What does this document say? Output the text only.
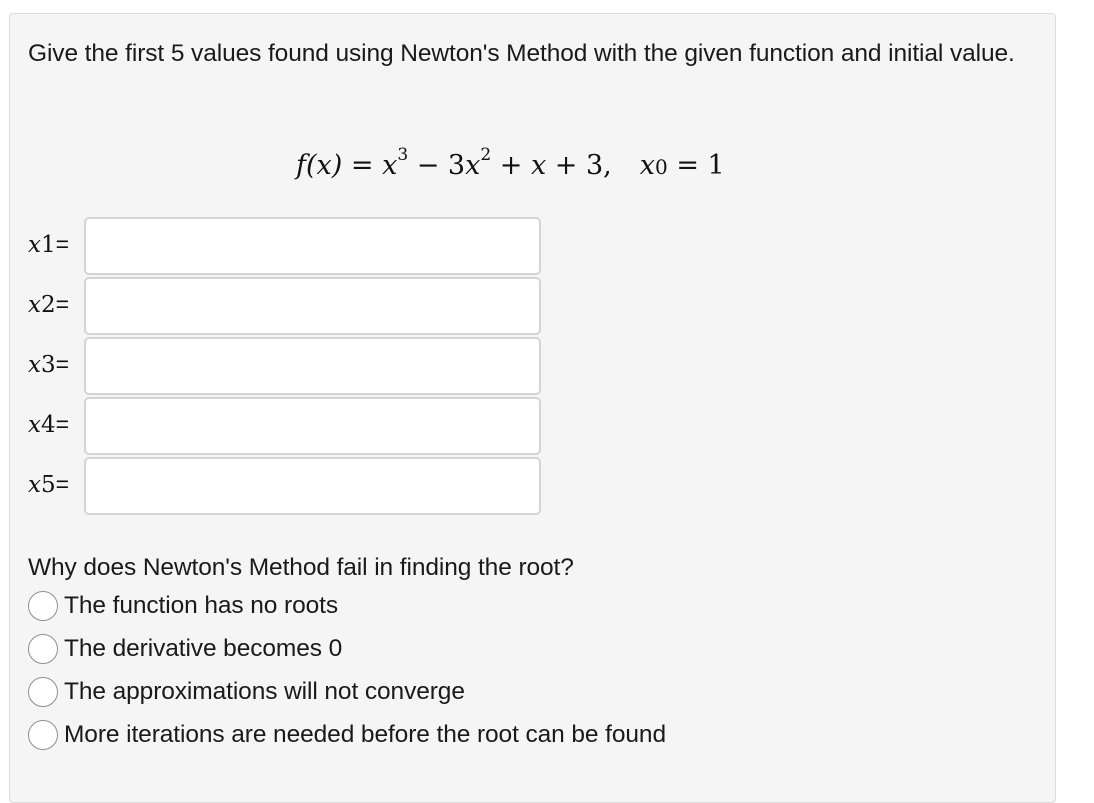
Give the first 5 values found using Newton's Method with the given function and initial value.
$f(x) = x^3 - 3x^2 + x + 3$, x0 = 1
x1=
x2=
x3=
x4=
x5=
Why does Newton's Method fail in finding the root?
The function has no roots
The derivative becomes 0
The approximations will not converge
More iterations are needed before the root can be found
